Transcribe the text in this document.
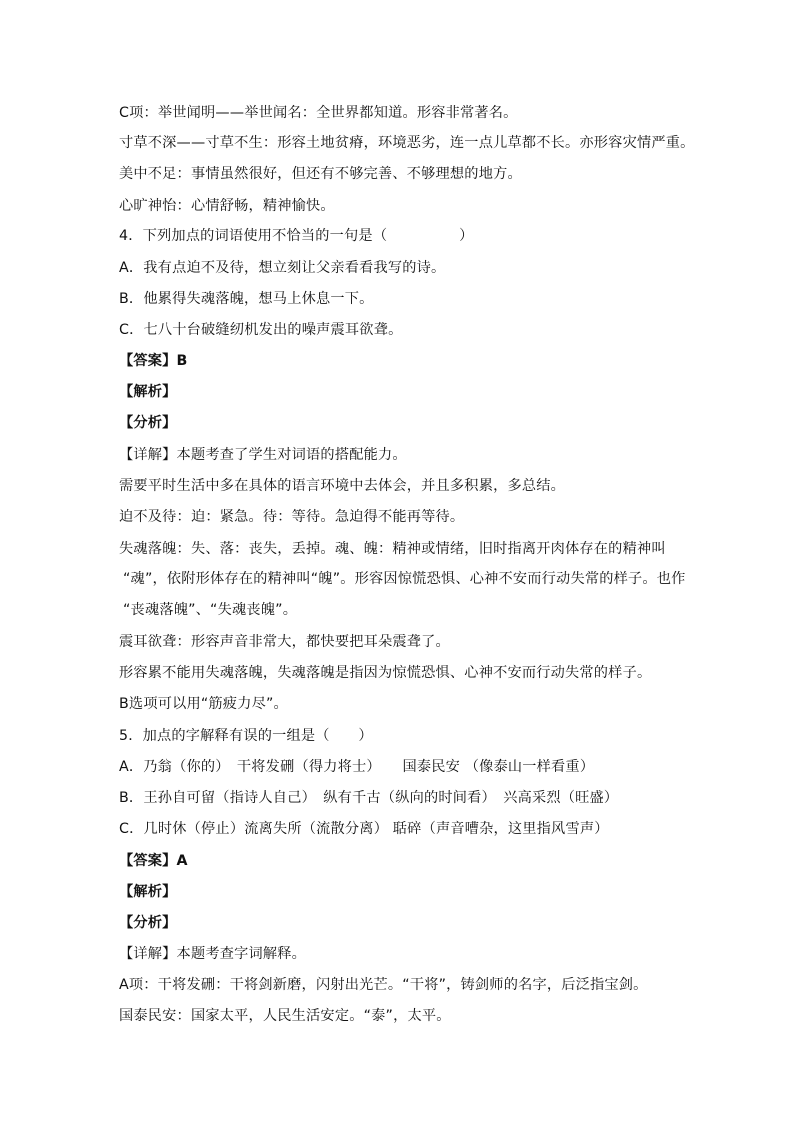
C项：举世闻明——举世闻名：全世界都知道。形容非常著名。
寸草不深——寸草不生：形容土地贫瘠，环境恶劣，连一点儿草都不长。亦形容灾情严重。
美中不足：事情虽然很好，但还有不够完善、不够理想的地方。
心旷神怡：心情舒畅，精神愉快。
4．下列加点的词语使用不恰当的一句是（　　　　　）
A．我有点迫不及待，想立刻让父亲看看我写的诗。
B．他累得失魂落魄，想马上休息一下。
C．七八十台破缝纫机发出的噪声震耳欲聋。
【答案】B
【解析】
【分析】
【详解】本题考查了学生对词语的搭配能力。
需要平时生活中多在具体的语言环境中去体会，并且多积累，多总结。
迫不及待：迫：紧急。待：等待。急迫得不能再等待。
失魂落魄：失、落：丧失，丢掉。魂、魄：精神或情绪，旧时指离开肉体存在的精神叫
“魂”，依附形体存在的精神叫“魄”。形容因惊慌恐惧、心神不安而行动失常的样子。也作
“丧魂落魄”、“失魂丧魄”。
震耳欲聋：形容声音非常大，都快要把耳朵震聋了。
形容累不能用失魂落魄，失魂落魄是指因为惊慌恐惧、心神不安而行动失常的样子。
B选项可以用“筋疲力尽”。
5．加点的字解释有误的一组是（　　）
A．乃翁（你的）　干将发硎（得力将士）　　国泰民安 （像泰山一样看重）
B．王孙自可留（指诗人自己）　纵有千古（纵向的时间看）　兴高采烈（旺盛）
C．几时休（停止）流离失所（流散分离） 聒碎（声音嘈杂，这里指风雪声）
【答案】A
【解析】
【分析】
【详解】本题考查字词解释。
A项：干将发硎：干将剑新磨，闪射出光芒。“干将”，铸剑师的名字，后泛指宝剑。
国泰民安：国家太平，人民生活安定。“泰”，太平。
